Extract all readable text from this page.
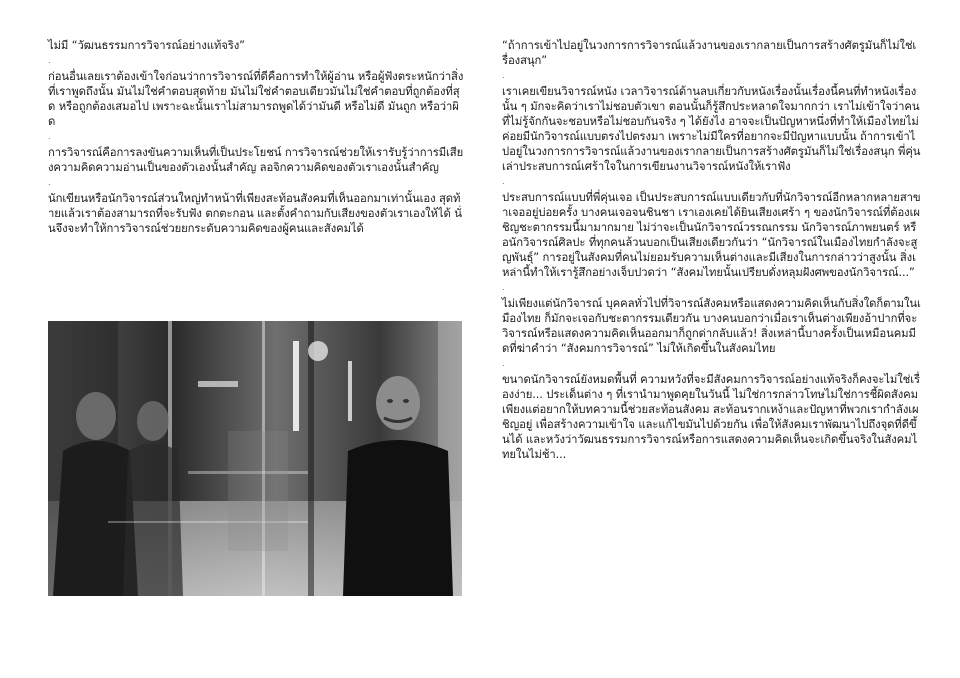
ไม่มี “วัฒนธรรมการวิจารณ์อย่างแท้จริง”

.

ก่อนอื่นเลยเราต้องเข้าใจก่อนว่าการวิจารณ์ที่ดีคือการทำให้ผู้อ่าน หรือผู้ฟังตระหนักว่าสิ่งที่เราพูดถึงนั้น มันไม่ใช่คำตอบสุดท้าย มันไม่ใช่คำตอบเดียวมันไม่ใช่คำตอบที่ถูกต้องที่สุด หรือถูกต้องเสมอไป เพราะฉะนั้นเราไม่สามารถพูดได้ว่ามันดี หรือไม่ดี มันถูก หรือว่าผิด

.

การวิจารณ์คือการลงขันความเห็นที่เป็นประโยชน์ การวิจารณ์ช่วยให้เรารับรู้ว่าการมีเสียงความคิดความอ่านเป็นของตัวเองนั้นสำคัญ ลอจิกความคิดของตัวเราเองนั้นสำคัญ

.

นักเขียนหรือนักวิจารณ์ส่วนใหญ่ทำหน้าที่เพียงสะท้อนสังคมที่เห็นออกมาเท่านั้นเอง สุดท้ายแล้วเราต้องสามารถที่จะรับฟัง ตกตะกอน และตั้งคำถามกับเสียงของตัวเราเองให้ได้ นั่นจึงจะทำให้การวิจารณ์ช่วยยกระดับความคิดของผู้คนและสังคมได้

“ถ้าการเข้าไปอยู่ในวงการการวิจารณ์แล้วงานของเรากลายเป็นการสร้างศัตรูมันก็ไม่ใช่เรื่องสนุก”

.

เราเคยเขียนวิจารณ์หนัง เวลาวิจารณ์ด้านลบเกี่ยวกับหนังเรื่องนั้นเรื่องนี้คนที่ทำหนังเรื่องนั้น ๆ มักจะคิดว่าเราไม่ชอบตัวเขา ตอนนั้นก็รู้สึกประหลาดใจมากกว่า เราไม่เข้าใจว่าคนที่ไม่รู้จักกันจะชอบหรือไม่ชอบกันจริง ๆ ได้ยังไง อาจจะเป็นปัญหาหนึ่งที่ทำให้เมืองไทยไม่ค่อยมีนักวิจารณ์แบบตรงไปตรงมา เพราะไม่มีใครที่อยากจะมีปัญหาแบบนั้น ถ้าการเข้าไปอยู่ในวงการการวิจารณ์แล้วงานของเรากลายเป็นการสร้างศัตรูมันก็ไม่ใช่เรื่องสนุก พี่คุ่นเล่าประสบการณ์เศร้าใจในการเขียนงานวิจารณ์หนังให้เราฟัง

.

ประสบการณ์แบบที่พี่คุ่นเจอ เป็นประสบการณ์แบบเดียวกับที่นักวิจารณ์อีกหลากหลายสาขาเจออยู่บ่อยครั้ง บางคนเจอจนชินชา เราเองเคยได้ยินเสียงเศร้า ๆ ของนักวิจารณ์ที่ต้องเผชิญชะตากรรมนี้มามากมาย ไม่ว่าจะเป็นนักวิจารณ์วรรณกรรม นักวิจารณ์ภาพยนตร์ หรือนักวิจารณ์ศิลปะ ที่ทุกคนล้วนบอกเป็นเสียงเดียวกันว่า “นักวิจารณ์ในเมืองไทยกำลังจะสูญพันธุ์” การอยู่ในสังคมที่คนไม่ยอมรับความเห็นต่างและมีเสียงในการกล่าวว่าสูงนั้น สิ่งเหล่านี้ทำให้เรารู้สึกอย่างเจ็บปวดว่า “สังคมไทยนั้นเปรียบดั่งหลุมฝังศพของนักวิจารณ์...”

.

ไม่เพียงแต่นักวิจารณ์ บุคคลทั่วไปที่วิจารณ์สังคมหรือแสดงความคิดเห็นกับสิ่งใดก็ตามในเมืองไทย ก็มักจะเจอกับชะตากรรมเดียวกัน บางคนบอกว่าเมื่อเราเห็นต่างเพียงอ้าปากที่จะวิจารณ์หรือแสดงความคิดเห็นออกมาก็ถูกด่ากลับแล้ว! สิ่งเหล่านี้บางครั้งเป็นเหมือนคมมีดที่ฆ่าคำว่า “สังคมการวิจารณ์” ไม่ให้เกิดขึ้นในสังคมไทย

.

ขนาดนักวิจารณ์ยังหมดพื้นที่ ความหวังที่จะมีสังคมการวิจารณ์อย่างแท้จริงก็คงจะไม่ใช่เรื่องง่าย... ประเด็นต่าง ๆ ที่เรานำมาพูดคุยในวันนี้ ไม่ใช่การกล่าวโทษไม่ใช่การชี้ผิดสังคม เพียงแต่อยากให้บทความนี้ช่วยสะท้อนสังคม สะท้อนรากเหง้าและปัญหาที่พวกเรากำลังเผชิญอยู่ เพื่อสร้างความเข้าใจ และแก้ไขมันไปด้วยกัน เพื่อให้สังคมเราพัฒนาไปถึงจุดที่ดีขึ้นได้ และหวังว่าวัฒนธรรมการวิจารณ์หรือการแสดงความคิดเห็นจะเกิดขึ้นจริงในสังคมไทยในไม่ช้า...
